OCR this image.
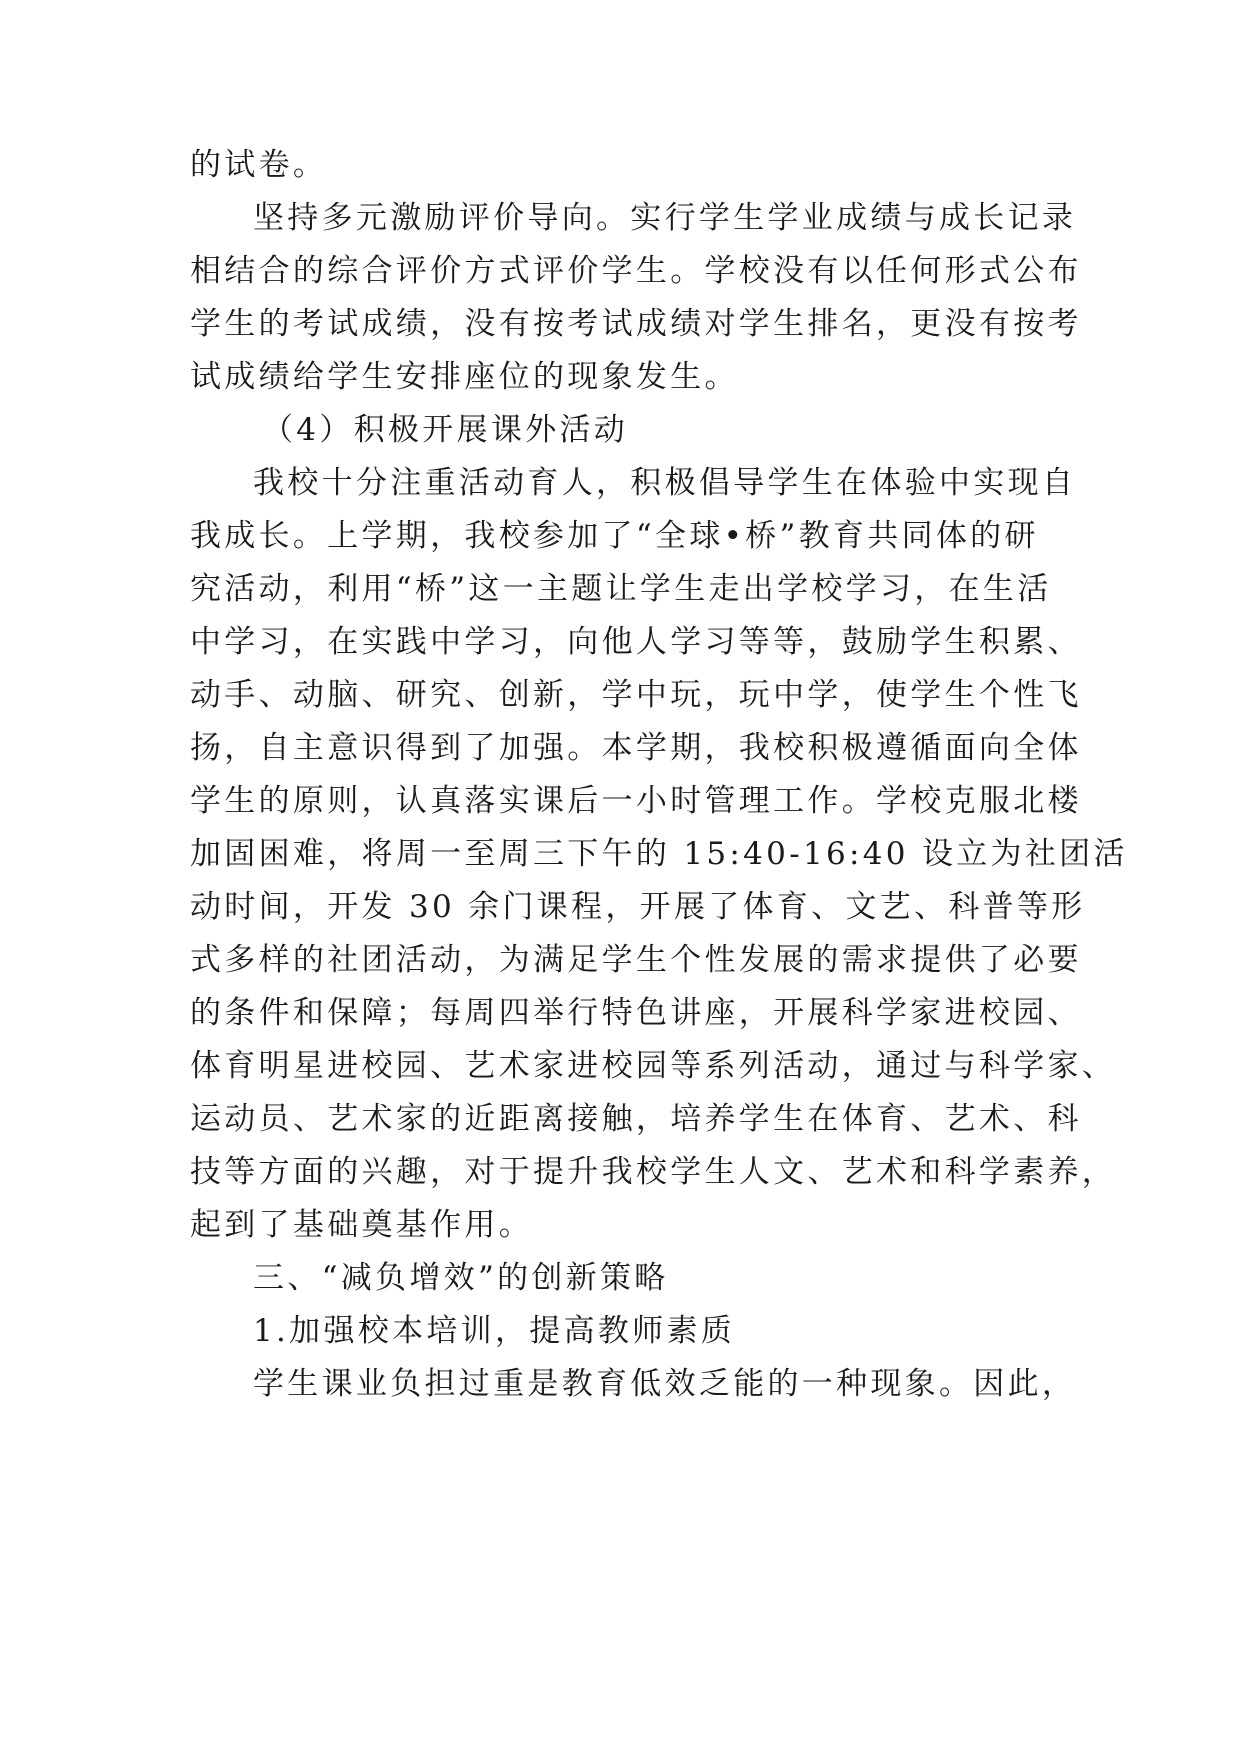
的试卷。
坚持多元激励评价导向。实行学生学业成绩与成长记录
相结合的综合评价方式评价学生。学校没有以任何形式公布
学生的考试成绩，没有按考试成绩对学生排名，更没有按考
试成绩给学生安排座位的现象发生。
（4）积极开展课外活动
我校十分注重活动育人，积极倡导学生在体验中实现自
我成长。上学期，我校参加了“全球•桥”教育共同体的研
究活动，利用“桥”这一主题让学生走出学校学习，在生活
中学习，在实践中学习，向他人学习等等，鼓励学生积累、
动手、动脑、研究、创新，学中玩，玩中学，使学生个性飞
扬，自主意识得到了加强。本学期，我校积极遵循面向全体
学生的原则，认真落实课后一小时管理工作。学校克服北楼
加固困难，将周一至周三下午的 15:40-16:40 设立为社团活
动时间，开发 30 余门课程，开展了体育、文艺、科普等形
式多样的社团活动，为满足学生个性发展的需求提供了必要
的条件和保障；每周四举行特色讲座，开展科学家进校园、
体育明星进校园、艺术家进校园等系列活动，通过与科学家、
运动员、艺术家的近距离接触，培养学生在体育、艺术、科
技等方面的兴趣，对于提升我校学生人文、艺术和科学素养，
起到了基础奠基作用。
三、“减负增效”的创新策略
1.加强校本培训，提高教师素质
学生课业负担过重是教育低效乏能的一种现象。因此，
